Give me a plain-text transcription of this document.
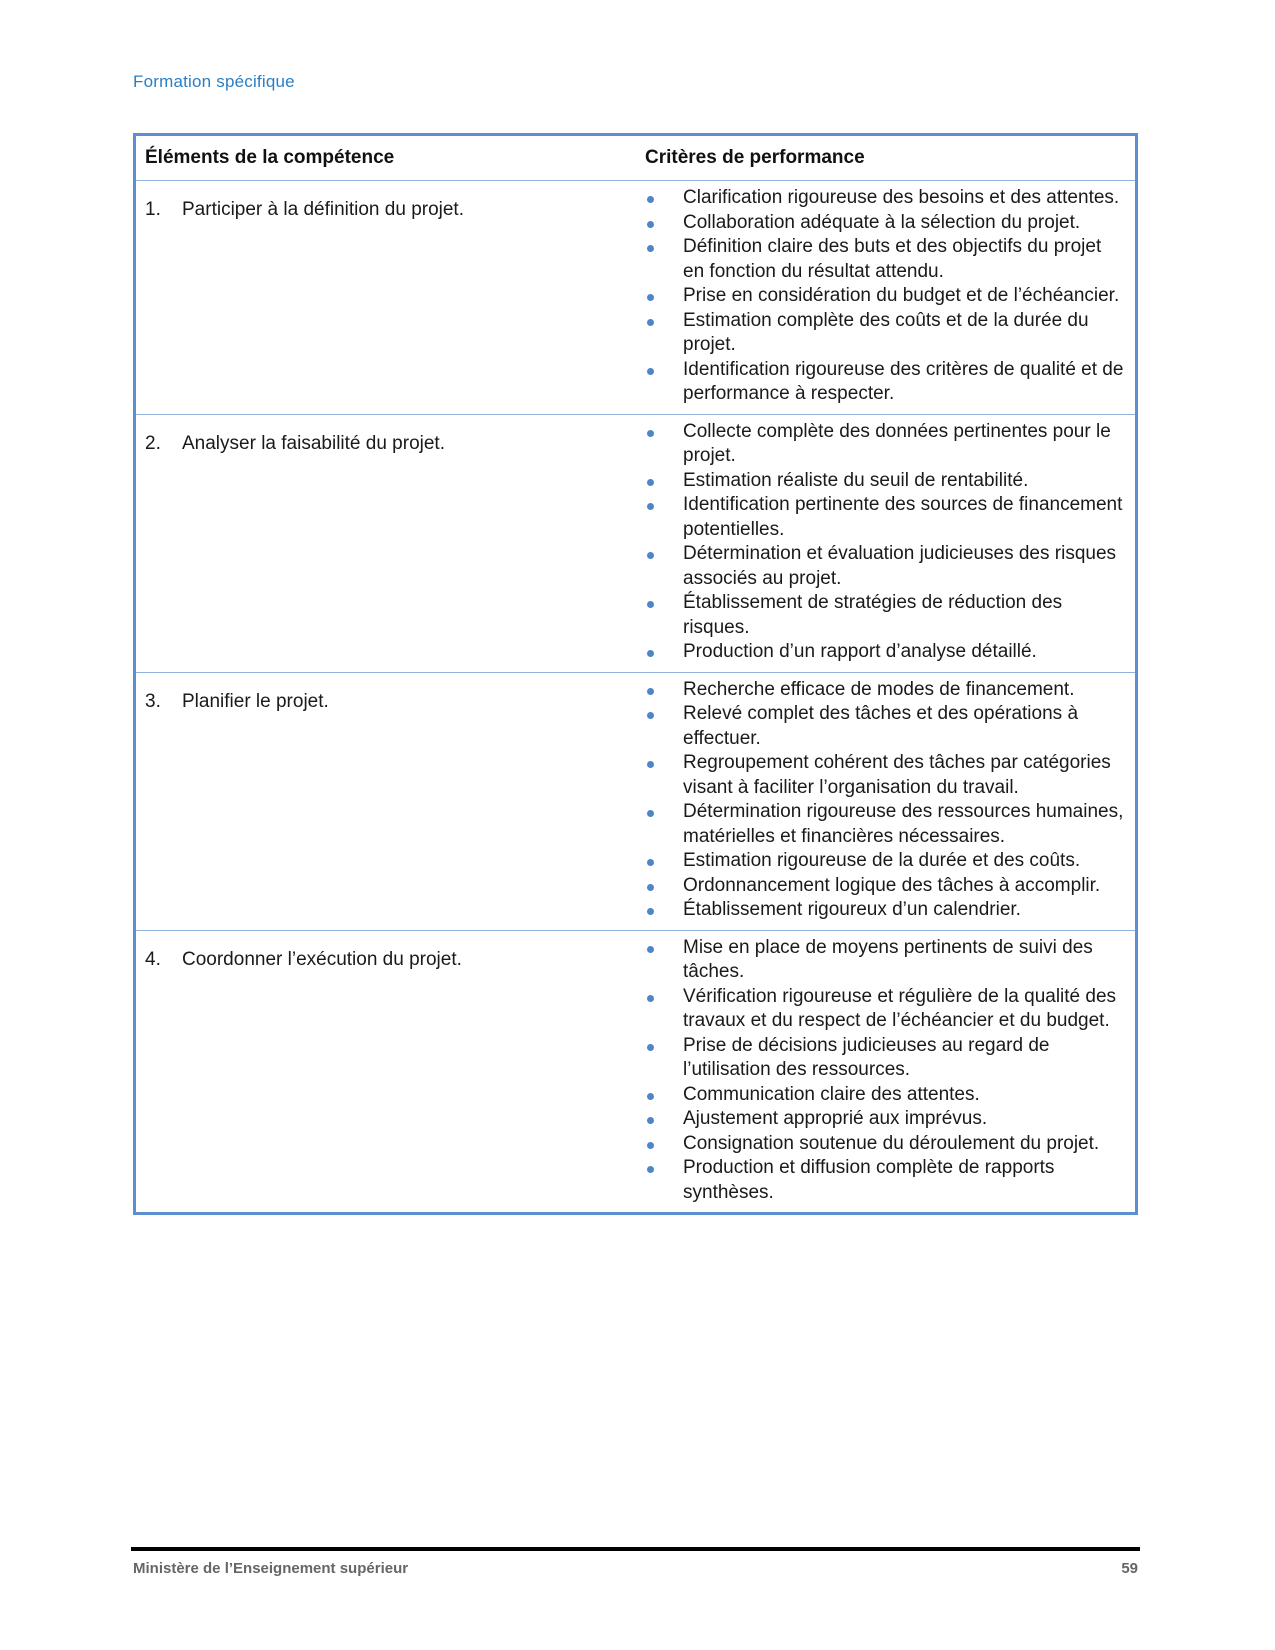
Formation spécifique
Éléments de la compétence	Critères de performance
1.	Participer à la définition du projet.
Clarification rigoureuse des besoins et des attentes.
Collaboration adéquate à la sélection du projet.
Définition claire des buts et des objectifs du projet en fonction du résultat attendu.
Prise en considération du budget et de l’échéancier.
Estimation complète des coûts et de la durée du projet.
Identification rigoureuse des critères de qualité et de performance à respecter.
2.	Analyser la faisabilité du projet.
Collecte complète des données pertinentes pour le projet.
Estimation réaliste du seuil de rentabilité.
Identification pertinente des sources de financement potentielles.
Détermination et évaluation judicieuses des risques associés au projet.
Établissement de stratégies de réduction des risques.
Production d’un rapport d’analyse détaillé.
3.	Planifier le projet.
Recherche efficace de modes de financement.
Relevé complet des tâches et des opérations à effectuer.
Regroupement cohérent des tâches par catégories visant à faciliter l’organisation du travail.
Détermination rigoureuse des ressources humaines, matérielles et financières nécessaires.
Estimation rigoureuse de la durée et des coûts.
Ordonnancement logique des tâches à accomplir.
Établissement rigoureux d’un calendrier.
4.	Coordonner l’exécution du projet.
Mise en place de moyens pertinents de suivi des tâches.
Vérification rigoureuse et régulière de la qualité des travaux et du respect de l’échéancier et du budget.
Prise de décisions judicieuses au regard de l’utilisation des ressources.
Communication claire des attentes.
Ajustement approprié aux imprévus.
Consignation soutenue du déroulement du projet.
Production et diffusion complète de rapports synthèses.
Ministère de l’Enseignement supérieur	59
